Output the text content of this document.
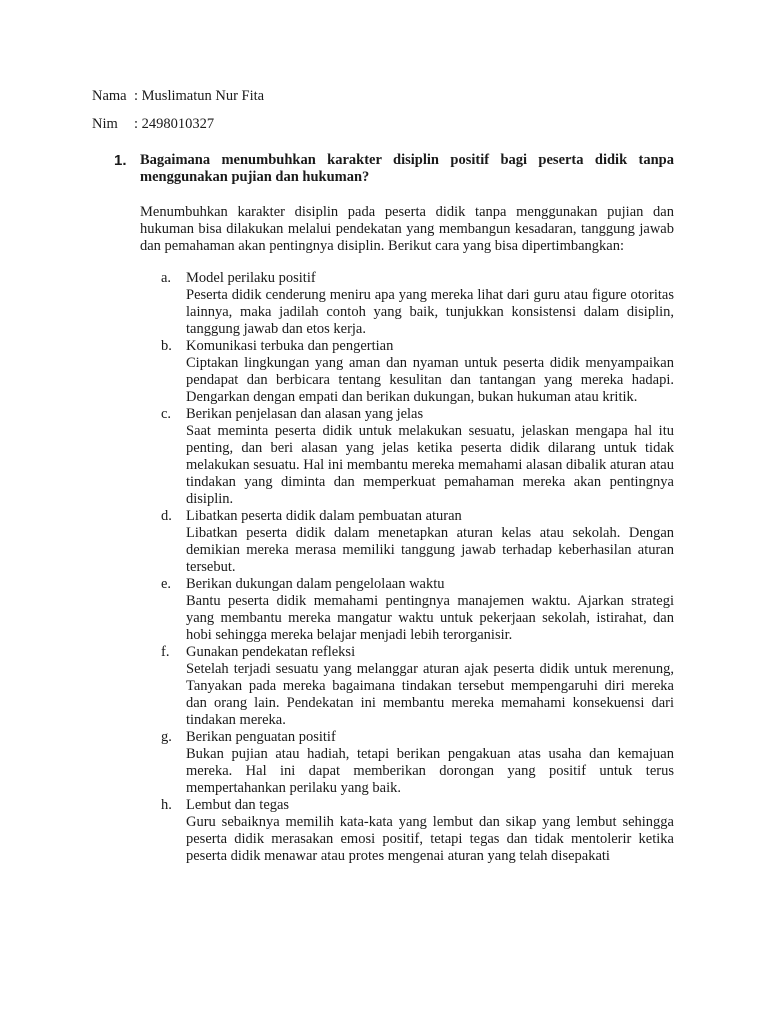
Nama : Muslimatun Nur Fita
Nim : 2498010327
1. Bagaimana menumbuhkan karakter disiplin positif bagi peserta didik tanpa menggunakan pujian dan hukuman?
Menumbuhkan karakter disiplin pada peserta didik tanpa menggunakan pujian dan hukuman bisa dilakukan melalui pendekatan yang membangun kesadaran, tanggung jawab dan pemahaman akan pentingnya disiplin. Berikut cara yang bisa dipertimbangkan:
a. Model perilaku positif
Peserta didik cenderung meniru apa yang mereka lihat dari guru atau figure otoritas lainnya, maka jadilah contoh yang baik, tunjukkan konsistensi dalam disiplin, tanggung jawab dan etos kerja.
b. Komunikasi terbuka dan pengertian
Ciptakan lingkungan yang aman dan nyaman untuk peserta didik menyampaikan pendapat dan berbicara tentang kesulitan dan tantangan yang mereka hadapi. Dengarkan dengan empati dan berikan dukungan, bukan hukuman atau kritik.
c. Berikan penjelasan dan alasan yang jelas
Saat meminta peserta didik untuk melakukan sesuatu, jelaskan mengapa hal itu penting, dan beri alasan yang jelas ketika peserta didik dilarang untuk tidak melakukan sesuatu. Hal ini membantu mereka memahami alasan dibalik aturan atau tindakan yang diminta dan memperkuat pemahaman mereka akan pentingnya disiplin.
d. Libatkan peserta didik dalam pembuatan aturan
Libatkan peserta didik dalam menetapkan aturan kelas atau sekolah. Dengan demikian mereka merasa memiliki tanggung jawab terhadap keberhasilan aturan tersebut.
e. Berikan dukungan dalam pengelolaan waktu
Bantu peserta didik memahami pentingnya manajemen waktu. Ajarkan strategi yang membantu mereka mangatur waktu untuk pekerjaan sekolah, istirahat, dan hobi sehingga mereka belajar menjadi lebih terorganisir.
f. Gunakan pendekatan refleksi
Setelah terjadi sesuatu yang melanggar aturan ajak peserta didik untuk merenung, Tanyakan pada mereka bagaimana tindakan tersebut mempengaruhi diri mereka dan orang lain. Pendekatan ini membantu mereka memahami konsekuensi dari tindakan mereka.
g. Berikan penguatan positif
Bukan pujian atau hadiah, tetapi berikan pengakuan atas usaha dan kemajuan mereka. Hal ini dapat memberikan dorongan yang positif untuk terus mempertahankan perilaku yang baik.
h. Lembut dan tegas
Guru sebaiknya memilih kata-kata yang lembut dan sikap yang lembut sehingga peserta didik merasakan emosi positif, tetapi tegas dan tidak mentolerir ketika peserta didik menawar atau protes mengenai aturan yang telah disepakati
